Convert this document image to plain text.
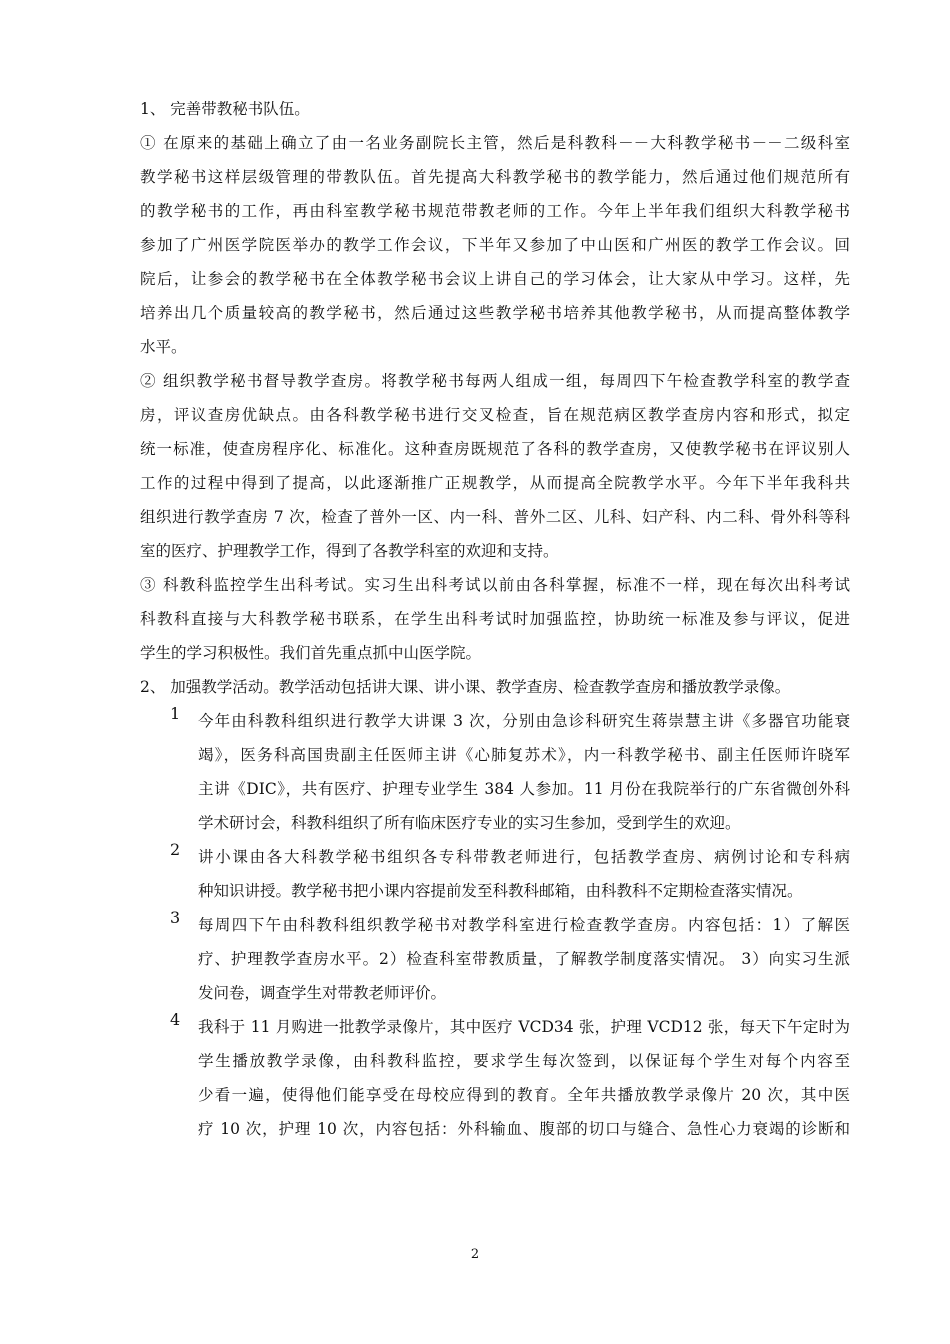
1、 完善带教秘书队伍。
① 在原来的基础上确立了由一名业务副院长主管，然后是科教科－－大科教学秘书－－二级科室
教学秘书这样层级管理的带教队伍。首先提高大科教学秘书的教学能力，然后通过他们规范所有
的教学秘书的工作，再由科室教学秘书规范带教老师的工作。今年上半年我们组织大科教学秘书
参加了广州医学院医举办的教学工作会议，下半年又参加了中山医和广州医的教学工作会议。回
院后，让参会的教学秘书在全体教学秘书会议上讲自己的学习体会，让大家从中学习。这样，先
培养出几个质量较高的教学秘书，然后通过这些教学秘书培养其他教学秘书，从而提高整体教学
水平。
② 组织教学秘书督导教学查房。将教学秘书每两人组成一组，每周四下午检查教学科室的教学查
房，评议查房优缺点。由各科教学秘书进行交叉检查，旨在规范病区教学查房内容和形式，拟定
统一标准，使查房程序化、标准化。这种查房既规范了各科的教学查房，又使教学秘书在评议别人
工作的过程中得到了提高，以此逐渐推广正规教学，从而提高全院教学水平。今年下半年我科共
组织进行教学查房 7 次，检查了普外一区、内一科、普外二区、儿科、妇产科、内二科、骨外科等科
室的医疗、护理教学工作，得到了各教学科室的欢迎和支持。
③ 科教科监控学生出科考试。实习生出科考试以前由各科掌握，标准不一样，现在每次出科考试
科教科直接与大科教学秘书联系，在学生出科考试时加强监控，协助统一标准及参与评议，促进
学生的学习积极性。我们首先重点抓中山医学院。
2、 加强教学活动。教学活动包括讲大课、讲小课、教学查房、检查教学查房和播放教学录像。
1 今年由科教科组织进行教学大讲课 3 次，分别由急诊科研究生蒋崇慧主讲《多器官功能衰
竭》，医务科高国贵副主任医师主讲《心肺复苏术》，内一科教学秘书、副主任医师许晓军
主讲《DIC》，共有医疗、护理专业学生 384 人参加。11 月份在我院举行的广东省微创外科
学术研讨会，科教科组织了所有临床医疗专业的实习生参加，受到学生的欢迎。
2 讲小课由各大科教学秘书组织各专科带教老师进行，包括教学查房、病例讨论和专科病
种知识讲授。教学秘书把小课内容提前发至科教科邮箱，由科教科不定期检查落实情况。
3 每周四下午由科教科组织教学秘书对教学科室进行检查教学查房。内容包括：1）了解医
疗、护理教学查房水平。2）检查科室带教质量，了解教学制度落实情况。 3）向实习生派
发问卷，调查学生对带教老师评价。
4 我科于 11 月购进一批教学录像片，其中医疗 VCD34 张，护理 VCD12 张，每天下午定时为
学生播放教学录像，由科教科监控，要求学生每次签到，以保证每个学生对每个内容至
少看一遍，使得他们能享受在母校应得到的教育。全年共播放教学录像片 20 次，其中医
疗 10 次，护理 10 次，内容包括：外科输血、腹部的切口与缝合、急性心力衰竭的诊断和
2
